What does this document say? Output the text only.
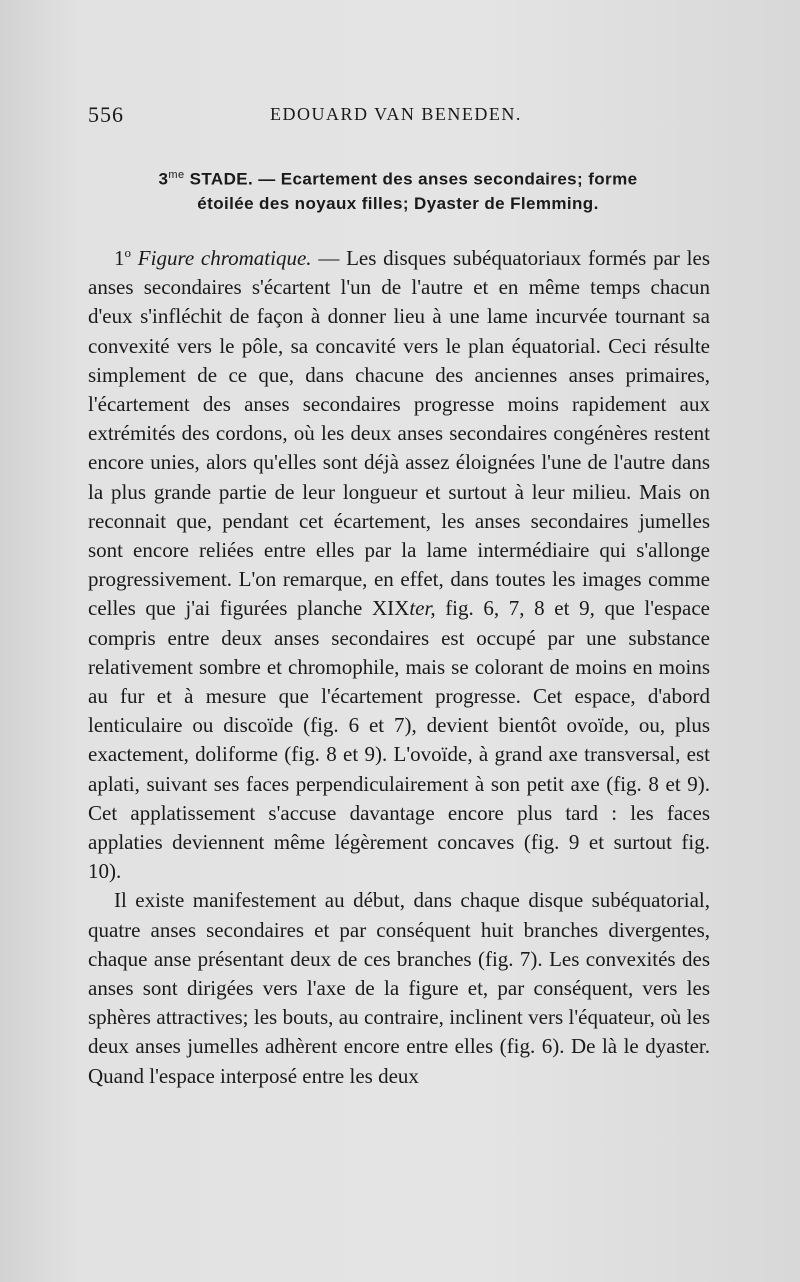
556	EDOUARD VAN BENEDEN.
$3^{me}$ STADE. — Ecartement des anses secondaires; forme
étoilée des noyaux filles; Dyaster de Flemming.

1$^o$ Figure chromatique. — Les disques subéquatoriaux formés par les anses secondaires s'écartent l'un de l'autre et en même temps chacun d'eux s'infléchit de façon à donner lieu à une lame incurvée tournant sa convexité vers le pôle, sa concavité vers le plan équatorial. Ceci résulte simplement de ce que, dans chacune des anciennes anses primaires, l'écartement des anses secondaires progresse moins rapidement aux extrémités des cordons, où les deux anses secondaires congénères restent encore unies, alors qu'elles sont déjà assez éloignées l'une de l'autre dans la plus grande partie de leur longueur et surtout à leur milieu. Mais on reconnait que, pendant cet écartement, les anses secondaires jumelles sont encore reliées entre elles par la lame intermédiaire qui s'allonge progressivement. L'on remarque, en effet, dans toutes les images comme celles que j'ai figurées planche XIXter, fig. 6, 7, 8 et 9, que l'espace compris entre deux anses secondaires est occupé par une substance relativement sombre et chromophile, mais se colorant de moins en moins au fur et à mesure que l'écartement progresse. Cet espace, d'abord lenticulaire ou discoïde (fig. 6 et 7), devient bientôt ovoïde, ou, plus exactement, doliforme (fig. 8 et 9). L'ovoïde, à grand axe transversal, est aplati, suivant ses faces perpendiculairement à son petit axe (fig. 8 et 9). Cet applatissement s'accuse davantage encore plus tard : les faces applaties deviennent même légèrement concaves (fig. 9 et surtout fig. 10).

Il existe manifestement au début, dans chaque disque subéquatorial, quatre anses secondaires et par conséquent huit branches divergentes, chaque anse présentant deux de ces branches (fig. 7). Les convexités des anses sont dirigées vers l'axe de la figure et, par conséquent, vers les sphères attractives; les bouts, au contraire, inclinent vers l'équateur, où les deux anses jumelles adhèrent encore entre elles (fig. 6). De là le dyaster. Quand l'espace interposé entre les deux
